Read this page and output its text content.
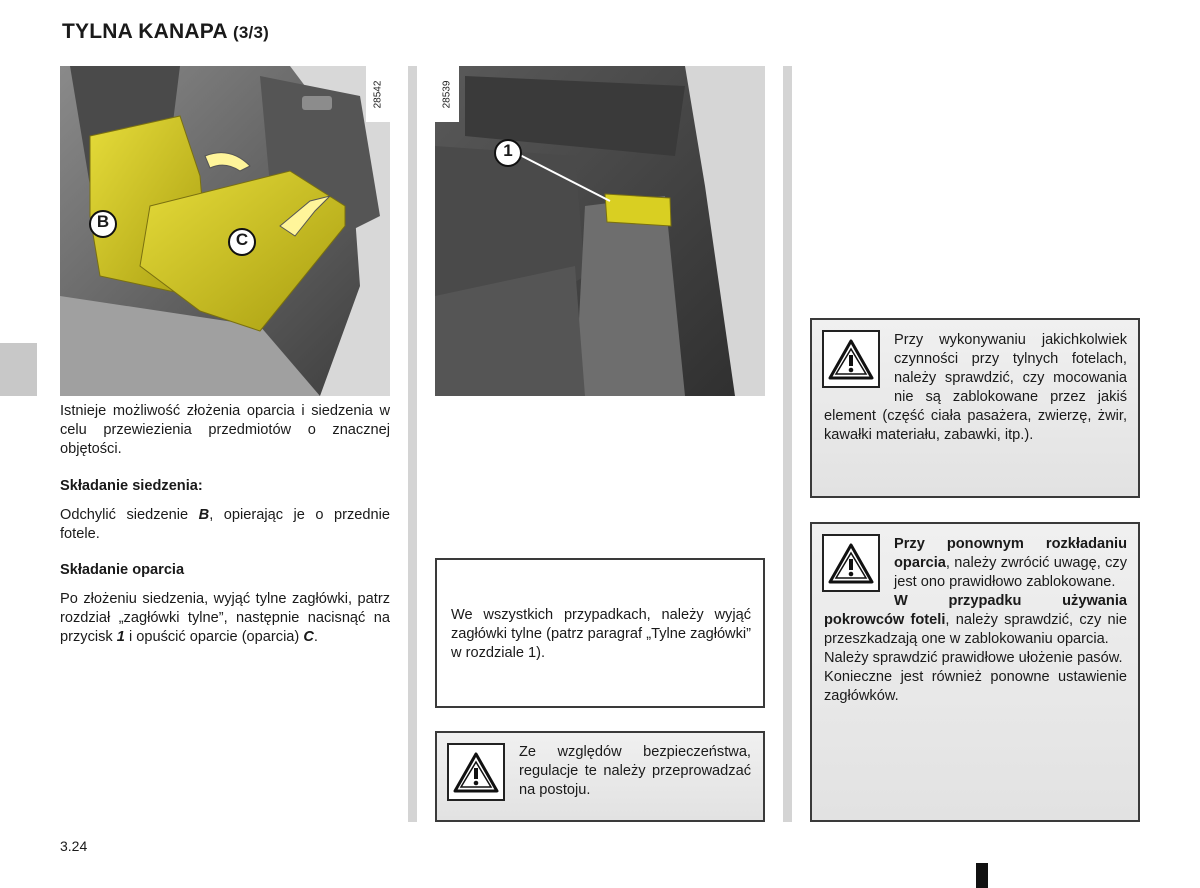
TYLNA KANAPA (3/3)
B
C
28542
1
28539
Istnieje możliwość złożenia oparcia i siedzenia w celu przewiezienia przedmiotów o znacznej objętości.
Składanie siedzenia:
Odchylić siedzenie B, opierając je o przednie fotele.
Składanie oparcia
Po złożeniu siedzenia, wyjąć tylne zagłówki, patrz rozdział „zagłówki tylne”, następnie nacisnąć na przycisk 1 i opuścić oparcie (oparcia) C.
We wszystkich przypadkach, należy wyjąć zagłówki tylne (patrz paragraf „Tylne zagłówki” w rozdziale 1).
Ze względów bezpieczeństwa, regulacje te należy przeprowadzać na postoju.
Przy wykonywaniu jakichkolwiek czynności przy tylnych fotelach, należy sprawdzić, czy mocowania nie są zablokowane przez jakiś element (część ciała pasażera, zwierzę, żwir, kawałki materiału, zabawki, itp.).
Przy ponownym rozkładaniu oparcia, należy zwrócić uwagę, czy jest ono prawidłowo zablokowane.
W przypadku używania pokrowców foteli, należy sprawdzić, czy nie przeszkadzają one w zablokowaniu oparcia.
Należy sprawdzić prawidłowe ułożenie pasów.
Konieczne jest również ponowne ustawienie zagłówków.
3.24
